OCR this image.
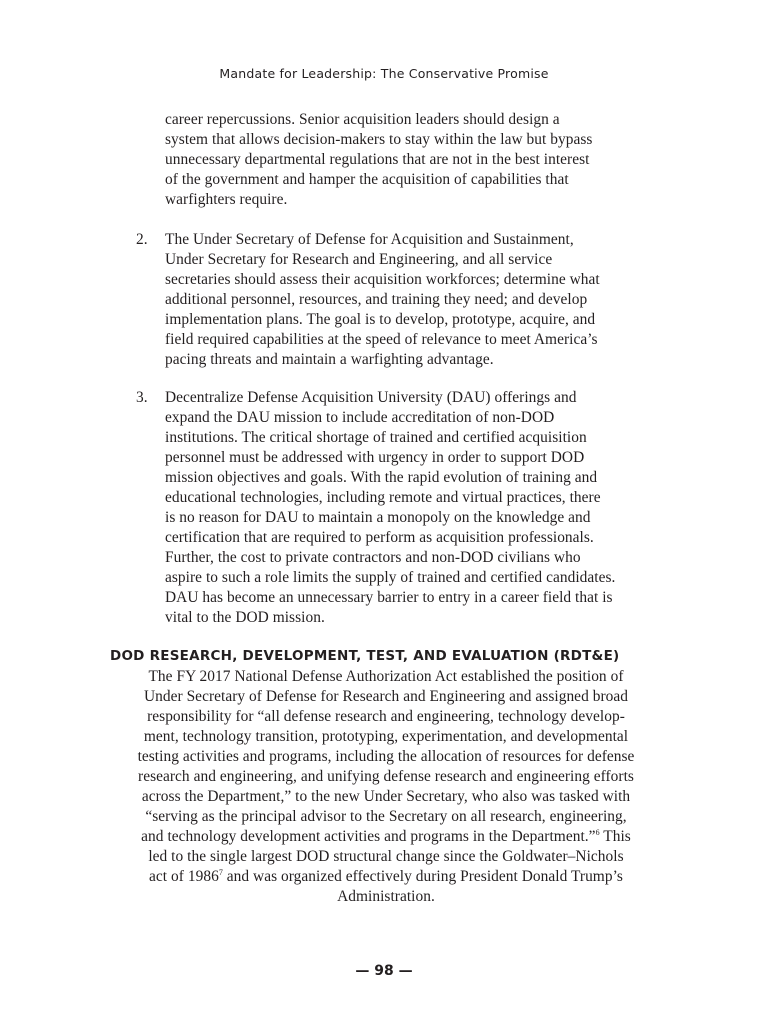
Mandate for Leadership: The Conservative Promise
career repercussions. Senior acquisition leaders should design a
system that allows decision-makers to stay within the law but bypass
unnecessary departmental regulations that are not in the best interest
of the government and hamper the acquisition of capabilities that
warfighters require.
2. The Under Secretary of Defense for Acquisition and Sustainment,
Under Secretary for Research and Engineering, and all service
secretaries should assess their acquisition workforces; determine what
additional personnel, resources, and training they need; and develop
implementation plans. The goal is to develop, prototype, acquire, and
field required capabilities at the speed of relevance to meet America’s
pacing threats and maintain a warfighting advantage.
3. Decentralize Defense Acquisition University (DAU) offerings and
expand the DAU mission to include accreditation of non-DOD
institutions. The critical shortage of trained and certified acquisition
personnel must be addressed with urgency in order to support DOD
mission objectives and goals. With the rapid evolution of training and
educational technologies, including remote and virtual practices, there
is no reason for DAU to maintain a monopoly on the knowledge and
certification that are required to perform as acquisition professionals.
Further, the cost to private contractors and non-DOD civilians who
aspire to such a role limits the supply of trained and certified candidates.
DAU has become an unnecessary barrier to entry in a career field that is
vital to the DOD mission.
DOD RESEARCH, DEVELOPMENT, TEST, AND EVALUATION (RDT&E)
The FY 2017 National Defense Authorization Act established the position of
Under Secretary of Defense for Research and Engineering and assigned broad
responsibility for “all defense research and engineering, technology develop-
ment, technology transition, prototyping, experimentation, and developmental
testing activities and programs, including the allocation of resources for defense
research and engineering, and unifying defense research and engineering efforts
across the Department,” to the new Under Secretary, who also was tasked with
“serving as the principal advisor to the Secretary on all research, engineering,
and technology development activities and programs in the Department.”$^6$ This
led to the single largest DOD structural change since the Goldwater–Nichols
act of 1986$^7$ and was organized effectively during President Donald Trump’s
Administration.
— 98 —
